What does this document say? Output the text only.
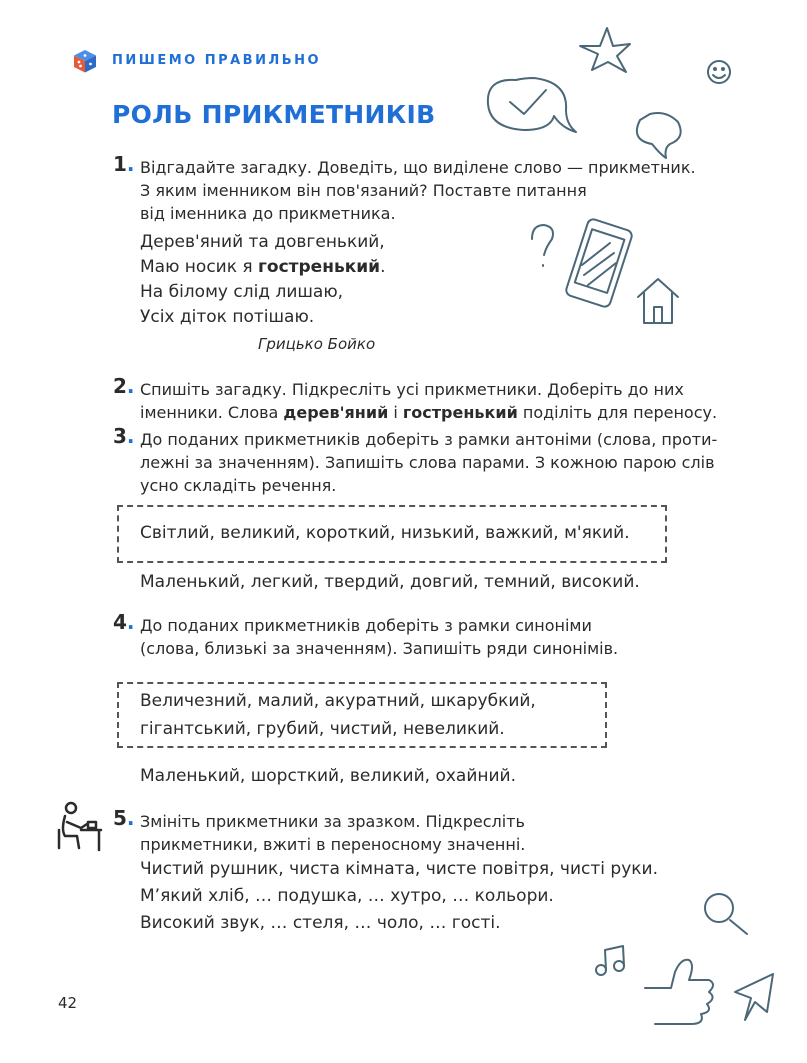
ПИШЕМО ПРАВИЛЬНО
РОЛЬ ПРИКМЕТНИКІВ
1. Відгадайте загадку. Доведіть, що виділене слово — прикметник.
З яким іменником він пов'язаний? Поставте питання
від іменника до прикметника.
Дерев'яний та довгенький,
Маю носик я гостренький.
На білому слід лишаю,
Усіх діток потішаю.
Грицько Бойко
2. Спишіть загадку. Підкресліть усі прикметники. Доберіть до них
іменники. Слова дерев'яний і гостренький поділіть для переносу.
3. До поданих прикметників доберіть з рамки антоніми (слова, проти-
лежні за значенням). Запишіть слова парами. З кожною парою слів
усно складіть речення.
Світлий, великий, короткий, низький, важкий, м'який.
Маленький, легкий, твердий, довгий, темний, високий.
4. До поданих прикметників доберіть з рамки синоніми
(слова, близькі за значенням). Запишіть ряди синонімів.
Величезний, малий, акуратний, шкарубкий,
гігантський, грубий, чистий, невеликий.
Маленький, шорсткий, великий, охайний.
5. Змініть прикметники за зразком. Підкресліть
прикметники, вжиті в переносному значенні.
Чистий рушник, чиста кімната, чисте повітря, чисті руки.
М’який хліб, … подушка, … хутро, … кольори.
Високий звук, … стеля, … чоло, … гості.
42
